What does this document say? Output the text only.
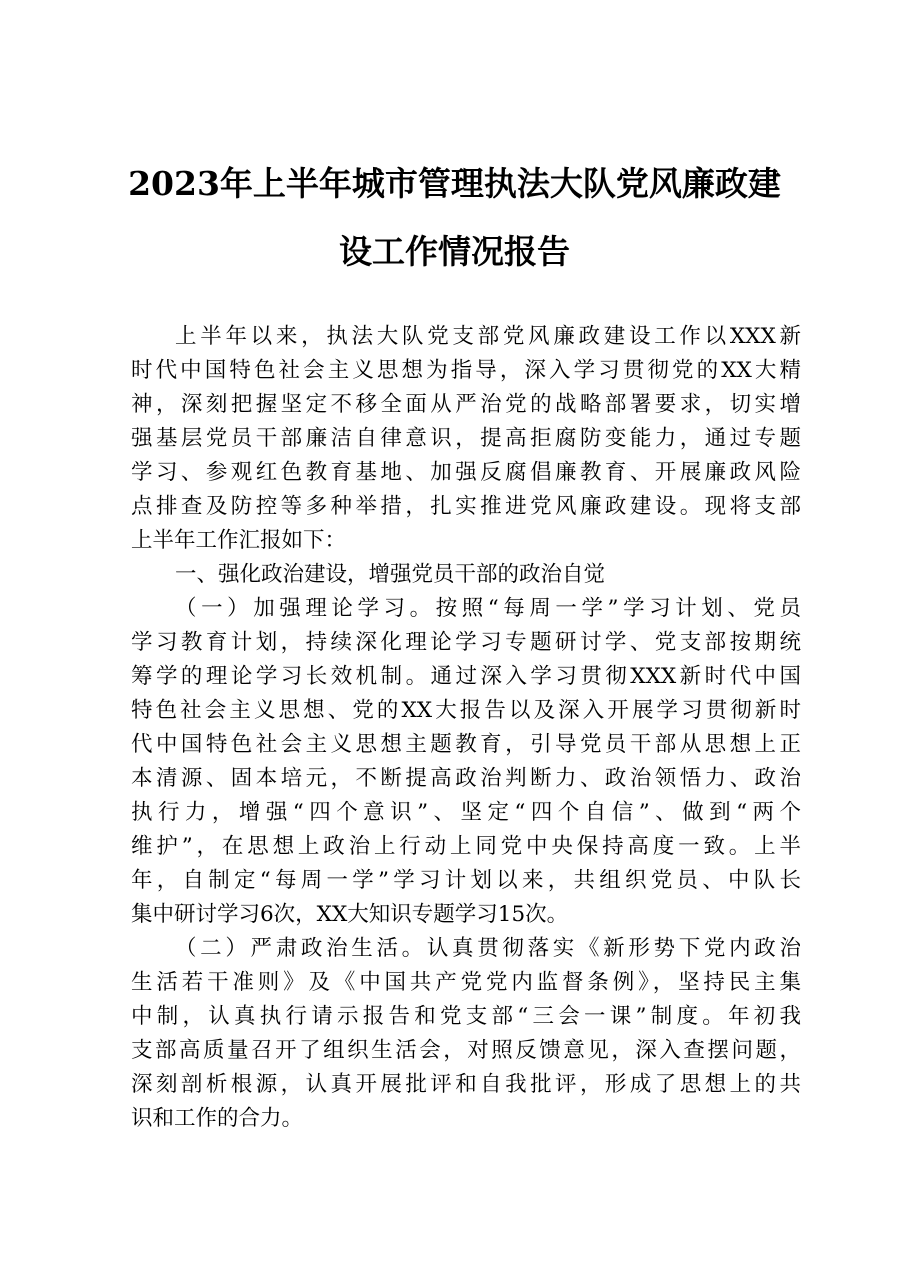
2023年上半年城市管理执法大队党风廉政建
设工作情况报告
上半年以来，执法大队党支部党风廉政建设工作以XXX新
时代中国特色社会主义思想为指导，深入学习贯彻党的XX大精
神，深刻把握坚定不移全面从严治党的战略部署要求，切实增
强基层党员干部廉洁自律意识，提高拒腐防变能力，通过专题
学习、参观红色教育基地、加强反腐倡廉教育、开展廉政风险
点排查及防控等多种举措，扎实推进党风廉政建设。现将支部
上半年工作汇报如下：
一、强化政治建设，增强党员干部的政治自觉
（一）加强理论学习。按照“每周一学”学习计划、党员
学习教育计划，持续深化理论学习专题研讨学、党支部按期统
筹学的理论学习长效机制。通过深入学习贯彻XXX新时代中国
特色社会主义思想、党的XX大报告以及深入开展学习贯彻新时
代中国特色社会主义思想主题教育，引导党员干部从思想上正
本清源、固本培元，不断提高政治判断力、政治领悟力、政治
执行力，增强“四个意识”、坚定“四个自信”、做到“两个
维护”，在思想上政治上行动上同党中央保持高度一致。上半
年，自制定“每周一学”学习计划以来，共组织党员、中队长
集中研讨学习6次，XX大知识专题学习15次。
（二）严肃政治生活。认真贯彻落实《新形势下党内政治
生活若干准则》及《中国共产党党内监督条例》，坚持民主集
中制，认真执行请示报告和党支部“三会一课”制度。年初我
支部高质量召开了组织生活会，对照反馈意见，深入查摆问题，
深刻剖析根源，认真开展批评和自我批评，形成了思想上的共
识和工作的合力。
